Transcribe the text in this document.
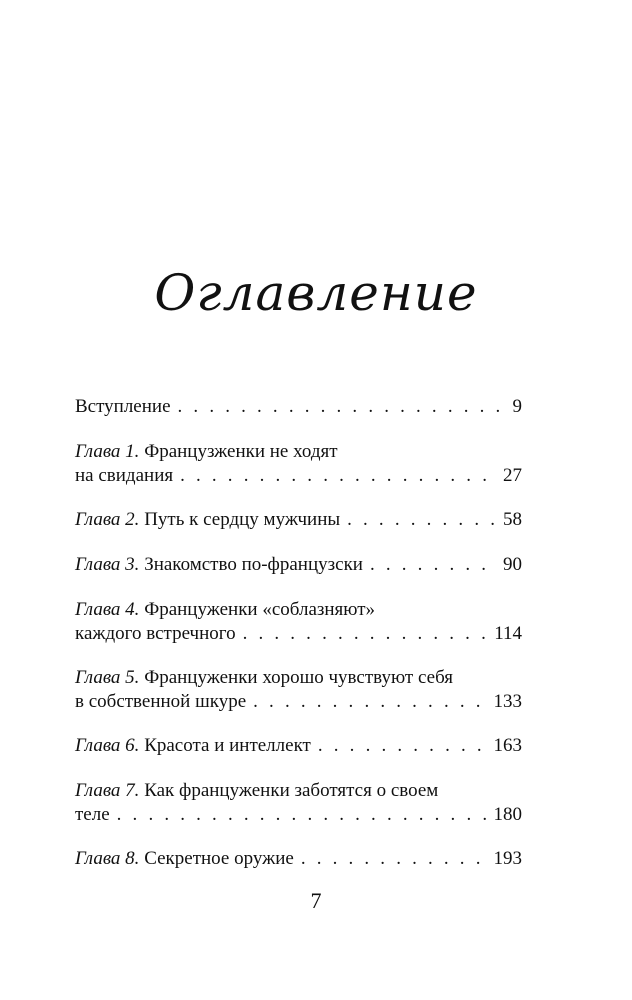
Оглавление
Вступление . . .	9
Глава 1.
Французженки не ходят
на свидания . . .	27
Глава 2.
Путь к сердцу мужчины . . .	58
Глава 3.
Знакомство по-французски . . .	90
Глава 4.
Француженки «соблазняют»
каждого встречного . . .	114
Глава 5.
Француженки хорошо чувствуют себя
в собственной шкуре . . .	133
Глава 6.
Красота и интеллект . . .	163
Глава 7.
Как француженки заботятся о своем
теле . . .	180
Глава 8.
Секретное оружие . . .	193
7
